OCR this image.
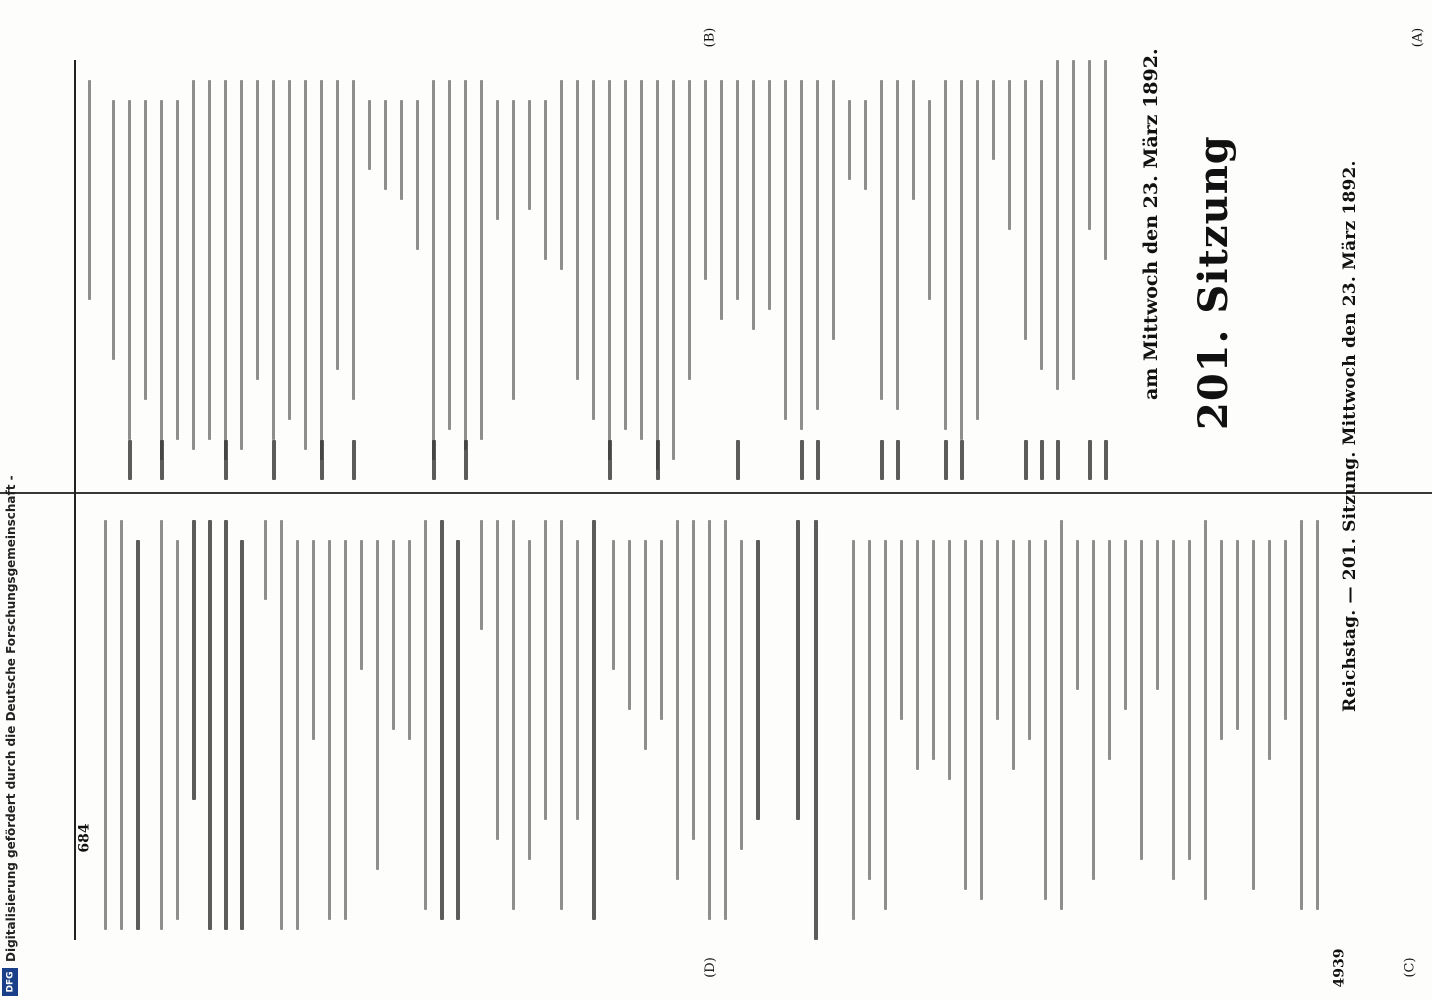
Reichstag. — 201. Sitzung. Mittwoch den 23. März 1892.
4939
(A)
(B)
(C)
(D)
201. Sitzung
am Mittwoch den 23. März 1892.
684
Digitalisierung gefördert durch die Deutsche Forschungsgemeinschaft -
DFG
